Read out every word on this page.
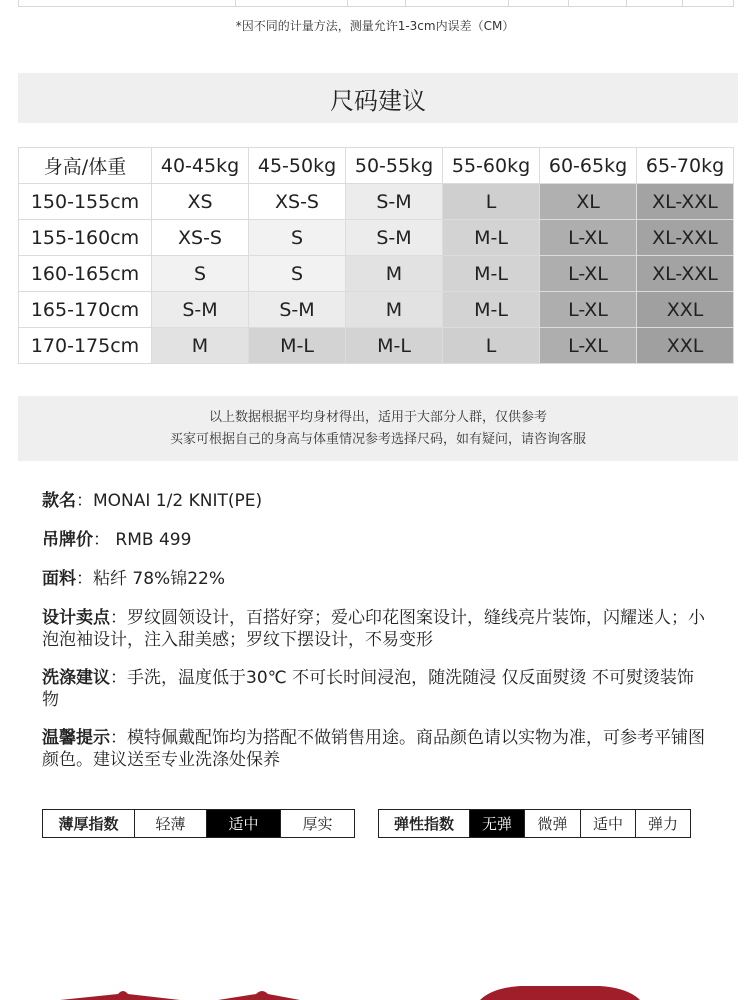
*因不同的计量方法，测量允许1-3cm内误差（CM）
尺码建议
身高/体重	40-45kg	45-50kg	50-55kg	55-60kg	60-65kg	65-70kg
150-155cm	XS	XS-S	S-M	L	XL	XL-XXL
155-160cm	XS-S	S	S-M	M-L	L-XL	XL-XXL
160-165cm	S	S	M	M-L	L-XL	XL-XXL
165-170cm	S-M	S-M	M	M-L	L-XL	XXL
170-175cm	M	M-L	M-L	L	L-XL	XXL
以上数据根据平均身材得出，适用于大部分人群，仅供参考
买家可根据自己的身高与体重情况参考选择尺码，如有疑问，请咨询客服
款名：MONAI 1/2 KNIT(PE)
吊牌价： RMB 499
面料：粘纤 78%锦22%
设计卖点：罗纹圆领设计，百搭好穿；爱心印花图案设计，缝线亮片装饰，闪耀迷人；小泡泡袖设计，注入甜美感；罗纹下摆设计，不易变形
洗涤建议：手洗，温度低于30℃ 不可长时间浸泡，随洗随浸 仅反面熨烫 不可熨烫装饰物
温馨提示：模特佩戴配饰均为搭配不做销售用途。商品颜色请以实物为准，可参考平铺图颜色。建议送至专业洗涤处保养
薄厚指数	轻薄	适中	厚实	弹性指数	无弹	微弹	适中	弹力
